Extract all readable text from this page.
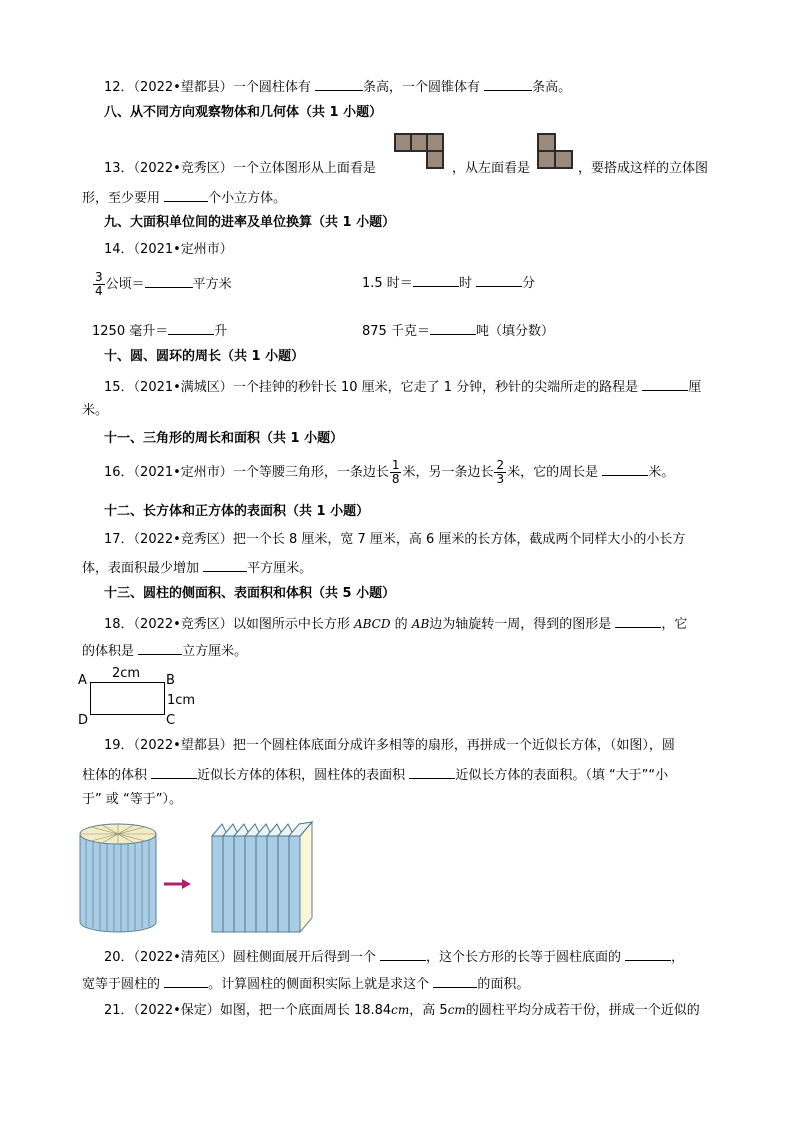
12．（2022•望都县）一个圆柱体有	条高，一个圆锥体有	条高。
八、从不同方向观察物体和几何体（共 1 小题）
13．（2022•竞秀区）一个立体图形从上面看是	，从左面看是	，要搭成这样的立体图
形，至少要用	个小立方体。
九、大面积单位间的进率及单位换算（共 1 小题）
14．（2021•定州市）
$\frac{3}{4}$ 公顷＝	平方米	1.5 时＝	时	分
1250 毫升＝	升	875 千克＝	吨（填分数）
十、圆、圆环的周长（共 1 小题）
15．（2021•满城区）一个挂钟的秒针长 10 厘米，它走了 1 分钟，秒针的尖端所走的路程是	厘
米。
十一、三角形的周长和面积（共 1 小题）
16．（2021•定州市）一个等腰三角形，一条边长 $\frac{1}{8}$ 米，另一条边长 $\frac{2}{3}$ 米，它的周长是	米。
十二、长方体和正方体的表面积（共 1 小题）
17．（2022•竞秀区）把一个长 8 厘米，宽 7 厘米，高 6 厘米的长方体，截成两个同样大小的小长方
体，表面积最少增加	平方厘米。
十三、圆柱的侧面积、表面积和体积（共 5 小题）
18．（2022•竞秀区）以如图所示中长方形 ABCD 的 AB边为轴旋转一周，得到的图形是	，它
的体积是	立方厘米。
A	B
C
D
2cm
1cm
19．（2022•望都县）把一个圆柱体底面分成许多相等的扇形，再拼成一个近似长方体，（如图），圆
柱体的体积	近似长方体的体积，圆柱体的表面积	近似长方体的表面积。（填 “大于”“小
于” 或 “等于”）。
20．（2022•清苑区）圆柱侧面展开后得到一个	，这个长方形的长等于圆柱底面的	，
宽等于圆柱的	。计算圆柱的侧面积实际上就是求这个	的面积。
21．（2022•保定）如图，把一个底面周长 18.84cm，高 5cm的圆柱平均分成若干份，拼成一个近似的
